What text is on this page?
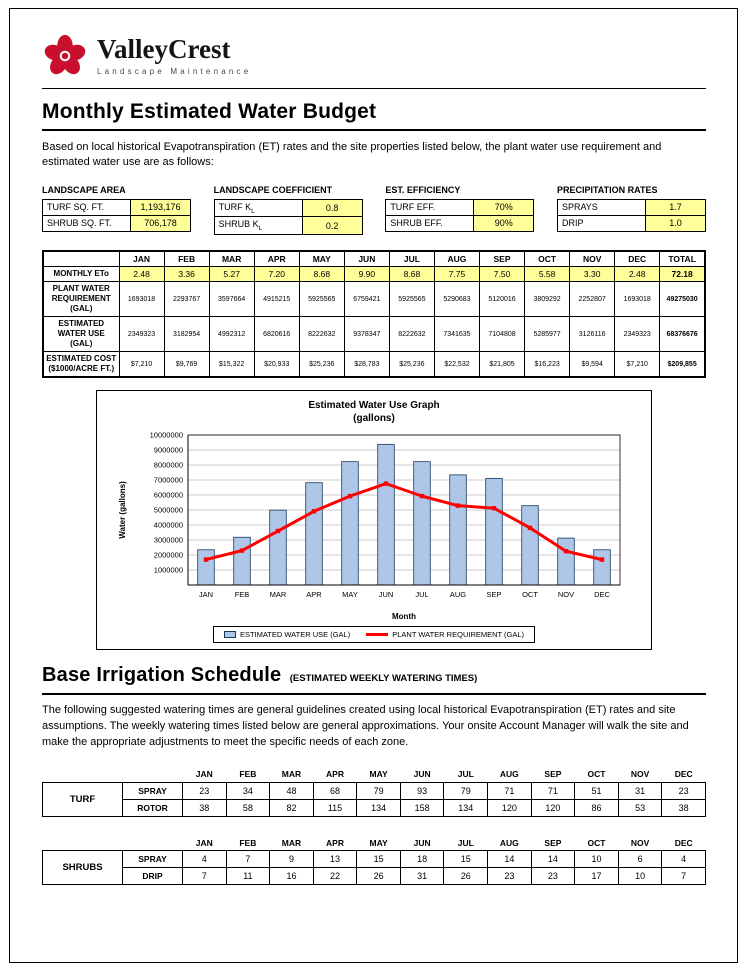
ValleyCrest
Landscape Maintenance
Monthly Estimated Water Budget

Based on local historical Evapotranspiration (ET) rates and the site properties listed below, the plant water use requirement and estimated water use are as follows:

LANDSCAPE AREA
TURF SQ. FT.	1,193,176
SHRUB SQ. FT.	706,178
LANDSCAPE COEFFICIENT
TURF $K_L$	0.8
SHRUB $K_L$	0.2
EST. EFFICIENCY
TURF EFF.	70%
SHRUB EFF.	90%
PRECIPITATION RATES
SPRAYS	1.7
DRIP	1.0
	JAN	FEB	MAR	APR	MAY	JUN	JUL	AUG	SEP	OCT	NOV	DEC	TOTAL
MONTHLY ETo	2.48	3.36	5.27	7.20	8.68	9.90	8.68	7.75	7.50	5.58	3.30	2.48	72.18
PLANT WATER REQUIREMENT (GAL)	1693018	2293767	3597664	4915215	5925565	6759421	5925565	5290683	5120016	3809292	2252807	1693018	49275030
ESTIMATED WATER USE (GAL)	2349323	3182954	4992312	6820616	8222632	9378347	8222632	7341635	7104808	5285977	3126116	2349323	68376676
ESTIMATED COST ($1000/ACRE FT.)	$7,210	$9,769	$15,322	$20,933	$25,236	$28,783	$25,236	$22,532	$21,805	$16,223	$9,594	$7,210	$209,855
Estimated Water Use Graph
(gallons)
1000000
2000000
3000000
4000000
5000000
6000000
7000000
8000000
9000000
10000000
JAN	FEB	MAR	APR	MAY	JUN	JUL	AUG	SEP	OCT	NOV	DEC
Month
Water (gallons)
ESTIMATED WATER USE (GAL)	PLANT WATER REQUIREMENT (GAL)
Base Irrigation Schedule (ESTIMATED WEEKLY WATERING TIMES)

The following suggested watering times are general guidelines created using local historical Evapotranspiration (ET) rates and site assumptions. The weekly watering times listed below are general approximations. Your onsite Account Manager will walk the site and make the appropriate adjustments to meet the specific needs of each zone.

		JAN	FEB	MAR	APR	MAY	JUN	JUL	AUG	SEP	OCT	NOV	DEC
TURF	SPRAY	23	34	48	68	79	93	79	71	71	51	31	23
	ROTOR	38	58	82	115	134	158	134	120	120	86	53	38
		JAN	FEB	MAR	APR	MAY	JUN	JUL	AUG	SEP	OCT	NOV	DEC
SHRUBS	SPRAY	4	7	9	13	15	18	15	14	14	10	6	4
	DRIP	7	11	16	22	26	31	26	23	23	17	10	7
